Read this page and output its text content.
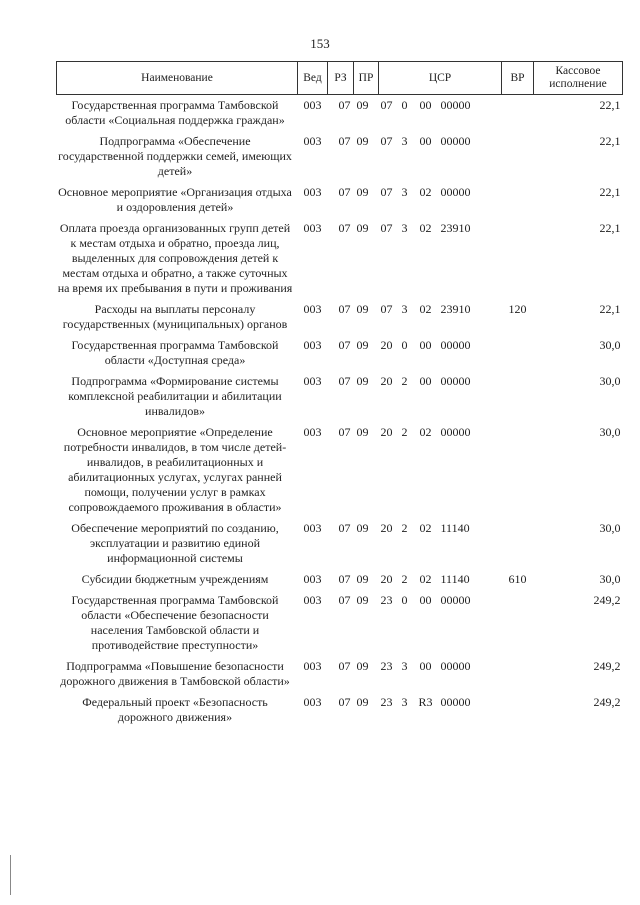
153
Наименование	Вед	РЗ	ПР	ЦСР	ВР	Кассовое исполнение
Государственная программа Тамбовской области «Социальная поддержка граждан»	003	07	09	07 0 00 00000		22,1
Подпрограмма «Обеспечение государственной поддержки семей, имеющих детей»	003	07	09	07 3 00 00000		22,1
Основное мероприятие «Организация отдыха и оздоровления детей»	003	07	09	07 3 02 00000		22,1
Оплата проезда организованных групп детей к местам отдыха и обратно, проезда лиц, выделенных для сопровождения детей к местам отдыха и обратно, а также суточных на время их пребывания в пути и проживания	003	07	09	07 3 02 23910		22,1
Расходы на выплаты персоналу государственных (муниципальных) органов	003	07	09	07 3 02 23910	120	22,1
Государственная программа Тамбовской области «Доступная среда»	003	07	09	20 0 00 00000		30,0
Подпрограмма «Формирование системы комплексной реабилитации и абилитации инвалидов»	003	07	09	20 2 00 00000		30,0
Основное мероприятие «Определение потребности инвалидов, в том числе детей-инвалидов, в реабилитационных и абилитационных услугах, услугах ранней помощи, получении услуг в рамках сопровождаемого проживания в области»	003	07	09	20 2 02 00000		30,0
Обеспечение мероприятий по созданию, эксплуатации и развитию единой информационной системы	003	07	09	20 2 02 11140		30,0
Субсидии бюджетным учреждениям	003	07	09	20 2 02 11140	610	30,0
Государственная программа Тамбовской области «Обеспечение безопасности населения Тамбовской области и противодействие преступности»	003	07	09	23 0 00 00000		249,2
Подпрограмма «Повышение безопасности дорожного движения в Тамбовской области»	003	07	09	23 3 00 00000		249,2
Федеральный проект «Безопасность дорожного движения»	003	07	09	23 3 R3 00000		249,2
